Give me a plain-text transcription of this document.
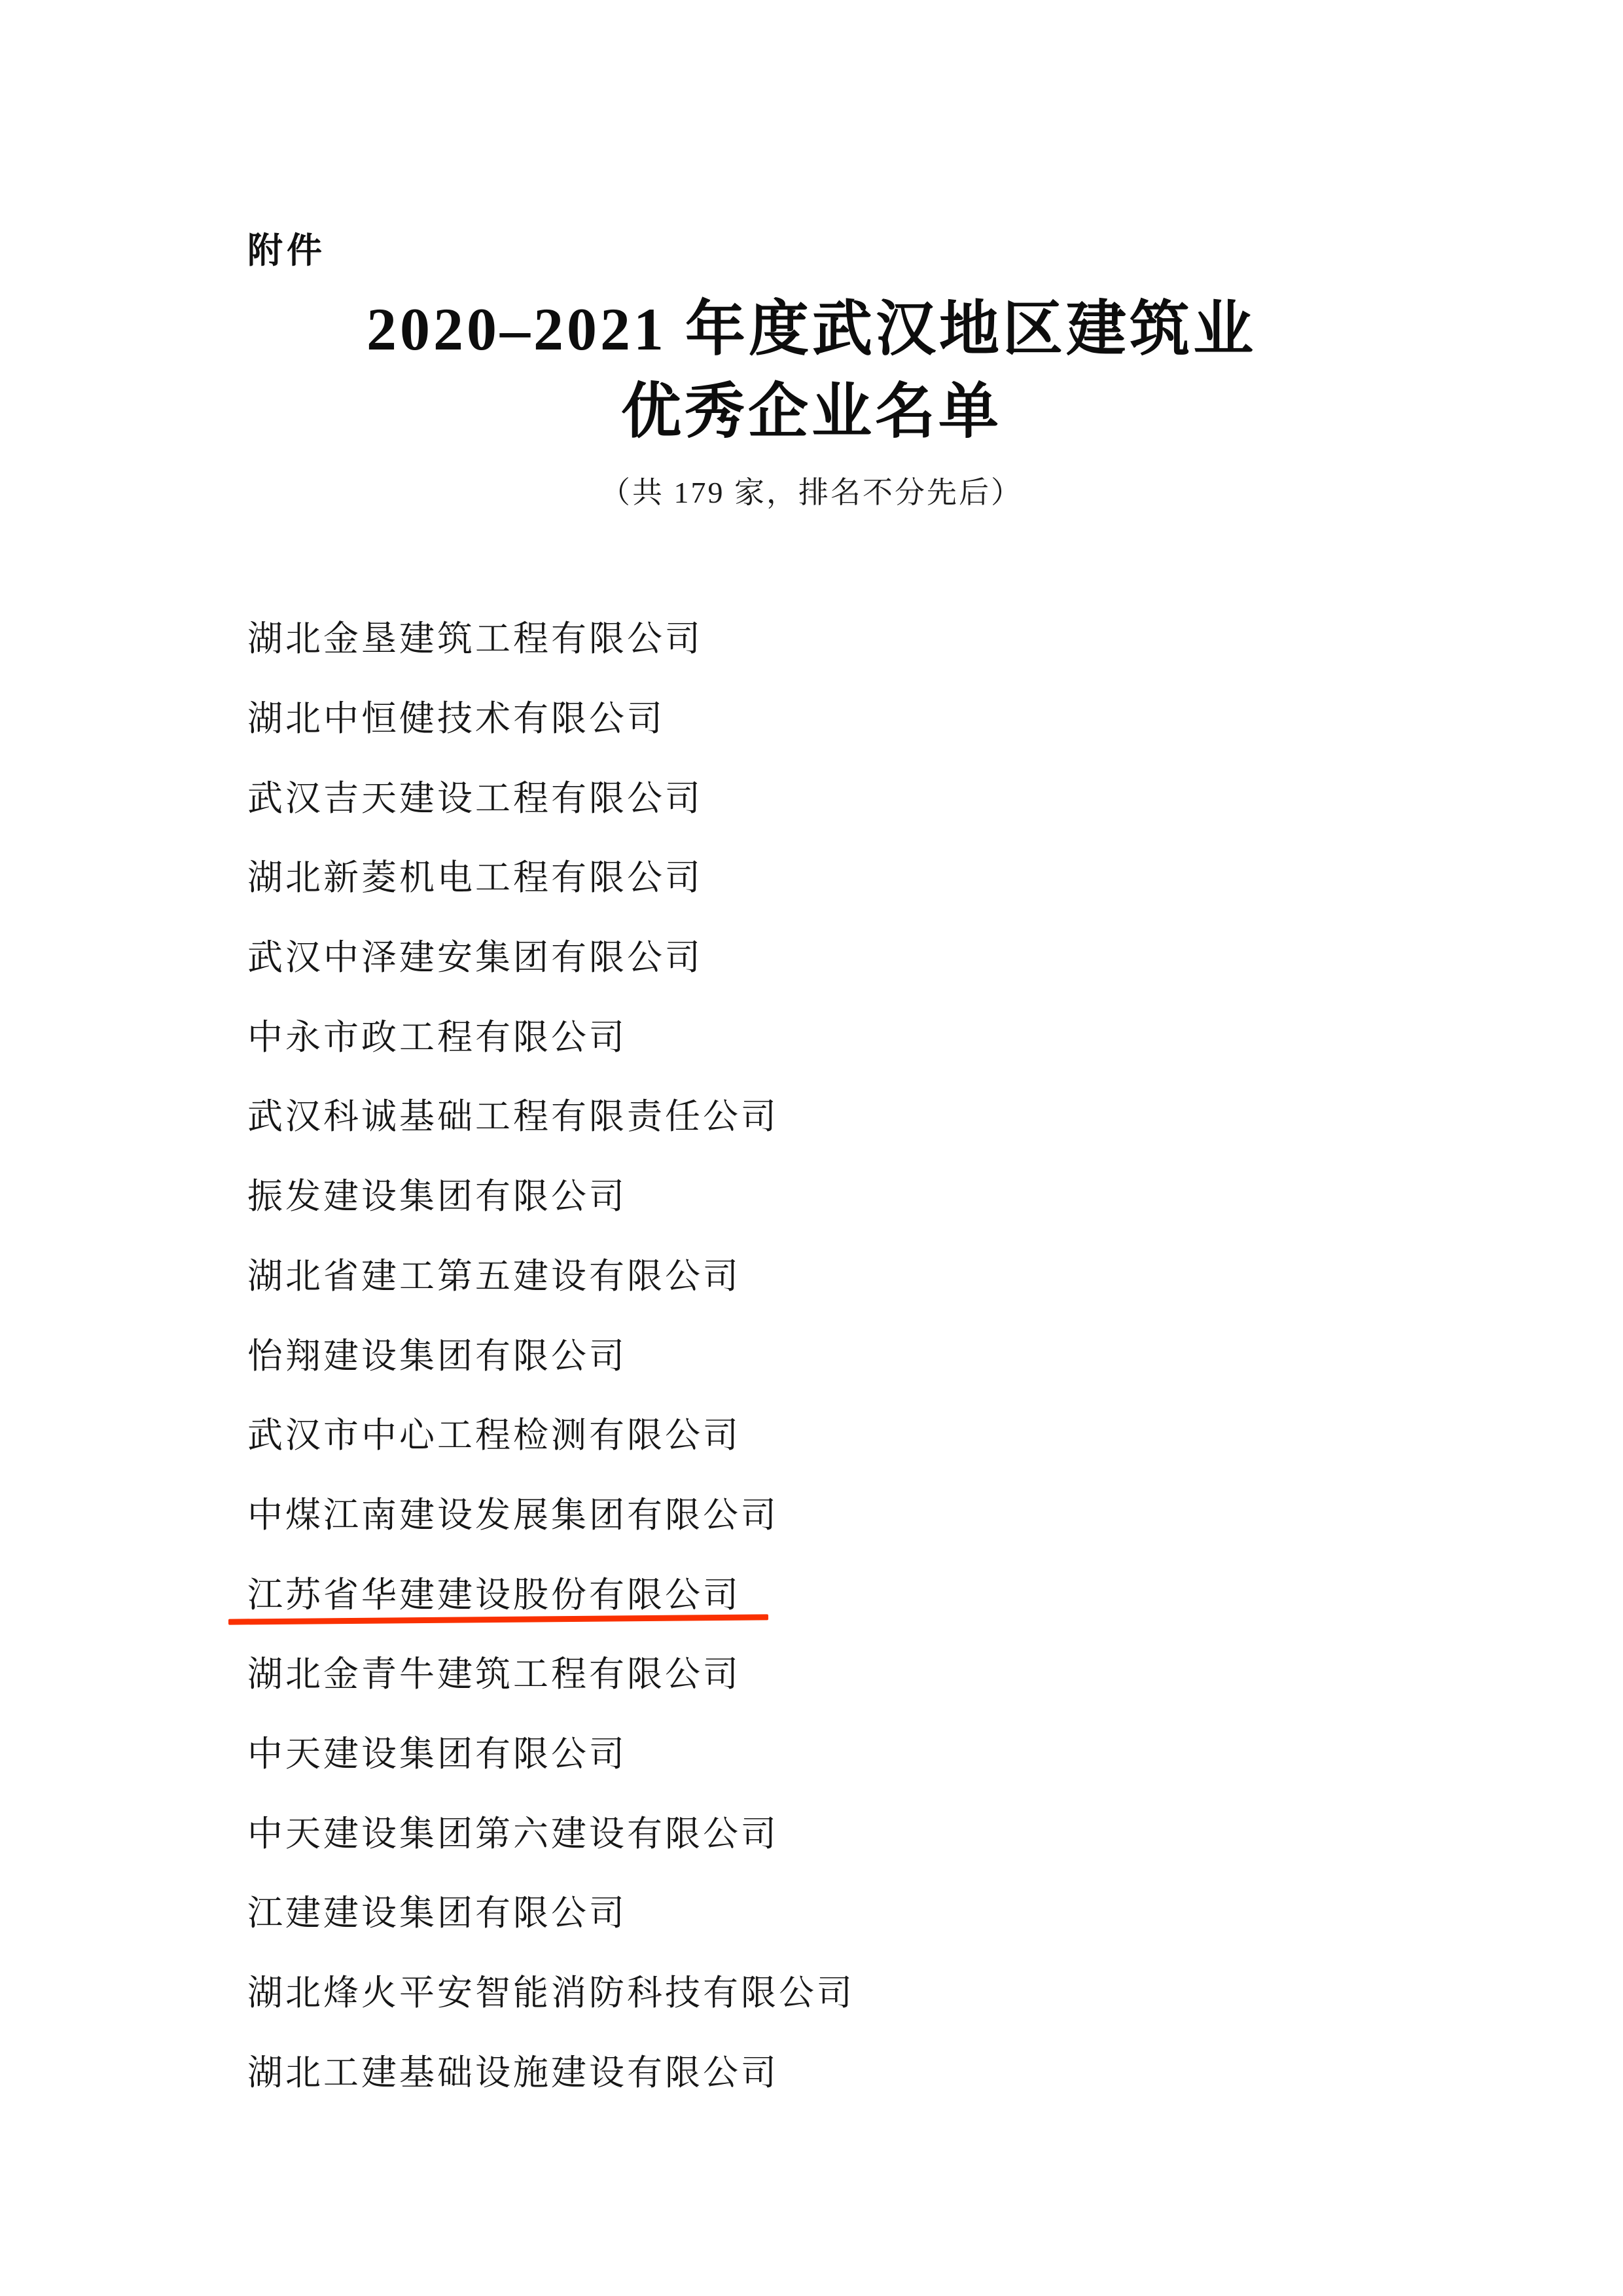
附件
2020–2021 年度武汉地区建筑业
优秀企业名单
（共 179 家，排名不分先后）
湖北金垦建筑工程有限公司
湖北中恒健技术有限公司
武汉吉天建设工程有限公司
湖北新菱机电工程有限公司
武汉中泽建安集团有限公司
中永市政工程有限公司
武汉科诚基础工程有限责任公司
振发建设集团有限公司
湖北省建工第五建设有限公司
怡翔建设集团有限公司
武汉市中心工程检测有限公司
中煤江南建设发展集团有限公司
江苏省华建建设股份有限公司
湖北金青牛建筑工程有限公司
中天建设集团有限公司
中天建设集团第六建设有限公司
江建建设集团有限公司
湖北烽火平安智能消防科技有限公司
湖北工建基础设施建设有限公司
